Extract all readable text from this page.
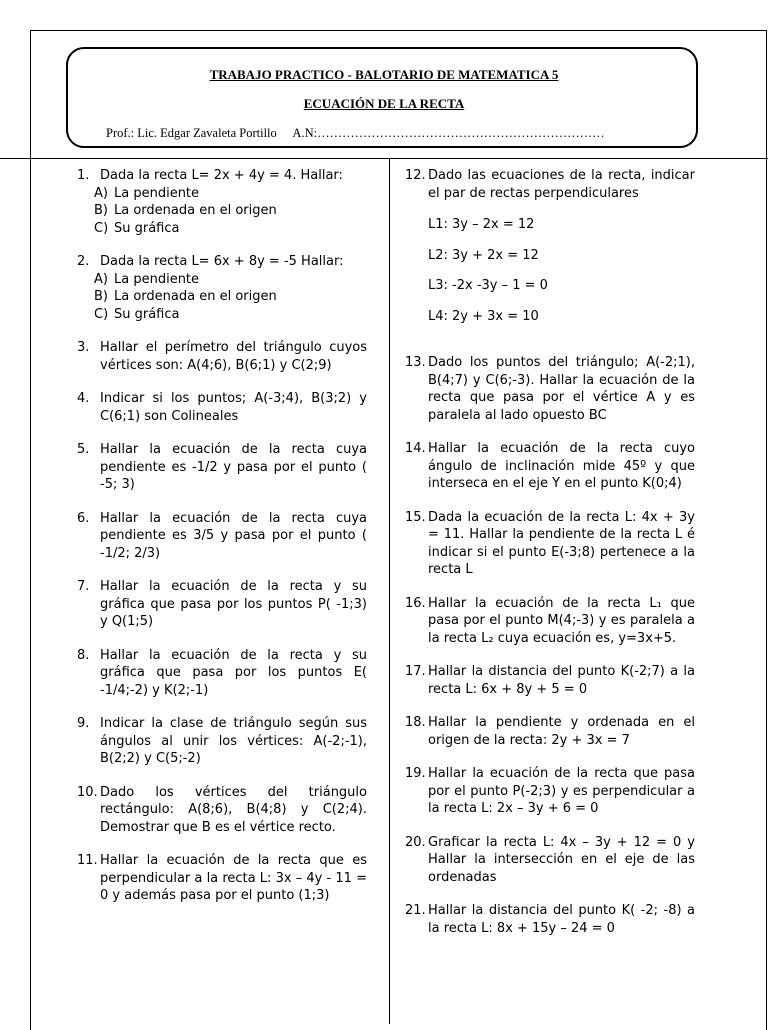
TRABAJO PRACTICO - BALOTARIO DE MATEMATICA 5
ECUACIÓN DE LA RECTA
Prof.: Lic. Edgar Zavaleta Portillo A.N:……………………………………………………………
1. Dada la recta L= 2x + 4y = 4. Hallar:
A) La pendiente
B) La ordenada en el origen
C) Su gráfica
2. Dada la recta L= 6x + 8y = -5 Hallar:
A) La pendiente
B) La ordenada en el origen
C) Su gráfica
3. Hallar el perímetro del triángulo cuyos vértices son: A(4;6), B(6;1) y C(2;9)
4. Indicar si los puntos; A(-3;4), B(3;2) y C(6;1) son Colineales
5. Hallar la ecuación de la recta cuya pendiente es -1/2 y pasa por el punto ( -5; 3)
6. Hallar la ecuación de la recta cuya pendiente es 3/5 y pasa por el punto ( -1/2; 2/3)
7. Hallar la ecuación de la recta y su gráfica que pasa por los puntos P( -1;3) y Q(1;5)
8. Hallar la ecuación de la recta y su gráfica que pasa por los puntos E( -1/4;-2) y K(2;-1)
9. Indicar la clase de triángulo según sus ángulos al unir los vértices: A(-2;-1), B(2;2) y C(5;-2)
10. Dado los vértices del triángulo rectángulo: A(8;6), B(4;8) y C(2;4). Demostrar que B es el vértice recto.
11. Hallar la ecuación de la recta que es perpendicular a la recta L: 3x – 4y - 11 = 0 y además pasa por el punto (1;3)
12. Dado las ecuaciones de la recta, indicar el par de rectas perpendiculares
L1: 3y – 2x = 12
L2: 3y + 2x = 12
L3: -2x -3y – 1 = 0
L4: 2y + 3x = 10
13. Dado los puntos del triángulo; A(-2;1), B(4;7) y C(6;-3). Hallar la ecuación de la recta que pasa por el vértice A y es paralela al lado opuesto BC
14. Hallar la ecuación de la recta cuyo ángulo de inclinación mide 45º y que interseca en el eje Y en el punto K(0;4)
15. Dada la ecuación de la recta L: 4x + 3y = 11. Hallar la pendiente de la recta L é indicar si el punto E(-3;8) pertenece a la recta L
16. Hallar la ecuación de la recta L₁ que pasa por el punto M(4;-3) y es paralela a la recta L₂ cuya ecuación es, y=3x+5.
17. Hallar la distancia del punto K(-2;7) a la recta L: 6x + 8y + 5 = 0
18. Hallar la pendiente y ordenada en el origen de la recta: 2y + 3x = 7
19. Hallar la ecuación de la recta que pasa por el punto P(-2;3) y es perpendicular a la recta L: 2x – 3y + 6 = 0
20. Graficar la recta L: 4x – 3y + 12 = 0 y Hallar la intersección en el eje de las ordenadas
21. Hallar la distancia del punto K( -2; -8) a la recta L: 8x + 15y – 24 = 0
